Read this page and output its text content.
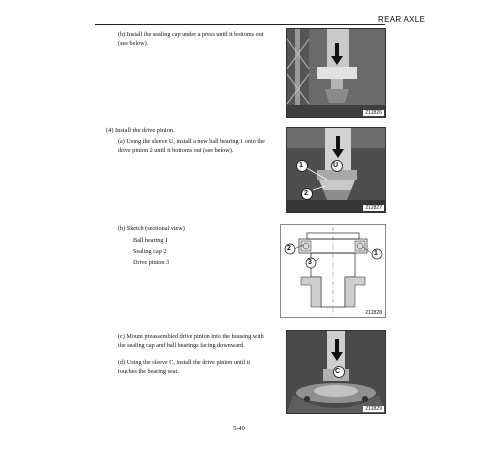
REAR AXLE
(b) Install the sealing cap under a press until it bottoms out (see below).
212826
(4) Install the drive pinion.
(a) Using the sleeve U, install a new ball bearing 1 onto the drive pinion 2 until it bottoms out (see below).
1	U
2
212827
(b) Sketch (sectional view)
Ball bearing 1
Sealing cap 2
Drive pinion 3
2
3
1
212828
(c) Mount preassembled drive pinion into the housing with the sealing cap and ball bearings facing downward.
(d) Using the sleeve C, install the drive pinion until it touches the bearing seat.	C
212829
5-49
